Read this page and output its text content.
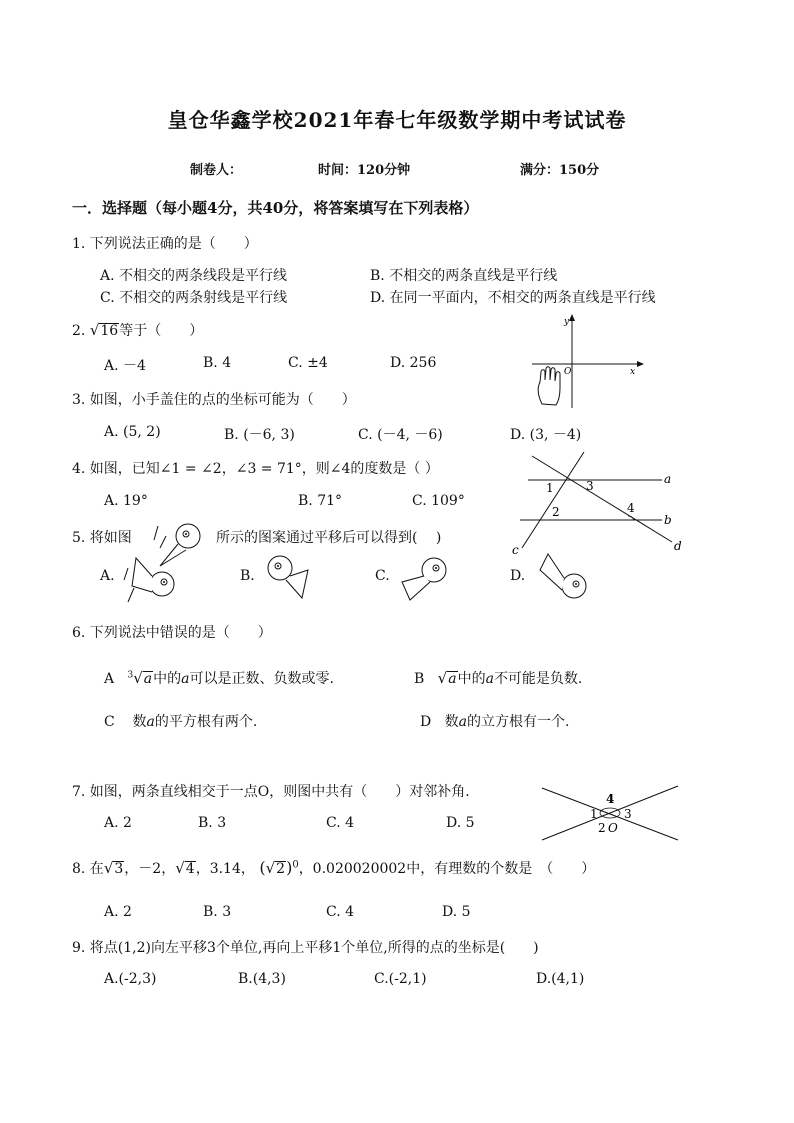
皇仓华鑫学校2021年春七年级数学期中考试试卷
制卷人：	时间：120分钟	满分：150分
一．选择题（每小题4分，共40分，将答案填写在下列表格）
1. 下列说法正确的是（　　）
A. 不相交的两条线段是平行线	B. 不相交的两条直线是平行线
C. 不相交的两条射线是平行线	D. 在同一平面内，不相交的两条直线是平行线
2. √16等于（　　）
A. －4	B. 4	C. ±4	D. 256
y
O	x
3. 如图，小手盖住的点的坐标可能为（　　）
A. (5, 2)	B. (－6, 3)	C. (－4, －6)	D. (3, －4)
4. 如图，已知∠1 = ∠2，∠3 = 71°，则∠4的度数是（ ）
A. 19°	B. 71°	C. 109°
1
2
3
4
a
b
c	d
5. 将如图	所示的图案通过平移后可以得到(　 )
A.	B.	C.	D.
6. 下列说法中错误的是（　　）
A $^3$√a中的a可以是正数、负数或零.	B √a中的a不可能是负数.
C 数a的平方根有两个.	D 数a的立方根有一个.
7. 如图，两条直线相交于一点O，则图中共有（　　）对邻补角.
A. 2	B. 3	C. 4	D. 5
4
1 3
2 O
8. 在√3，－2，√4，3.14， $(√2)^0$，0.020020002中，有理数的个数是　（　　）
A. 2	B. 3	C. 4	D. 5
9. 将点(1,2)向左平移3个单位,再向上平移1个单位,所得的点的坐标是(　　)
A.(-2,3)	B.(4,3)	C.(-2,1)	D.(4,1)
